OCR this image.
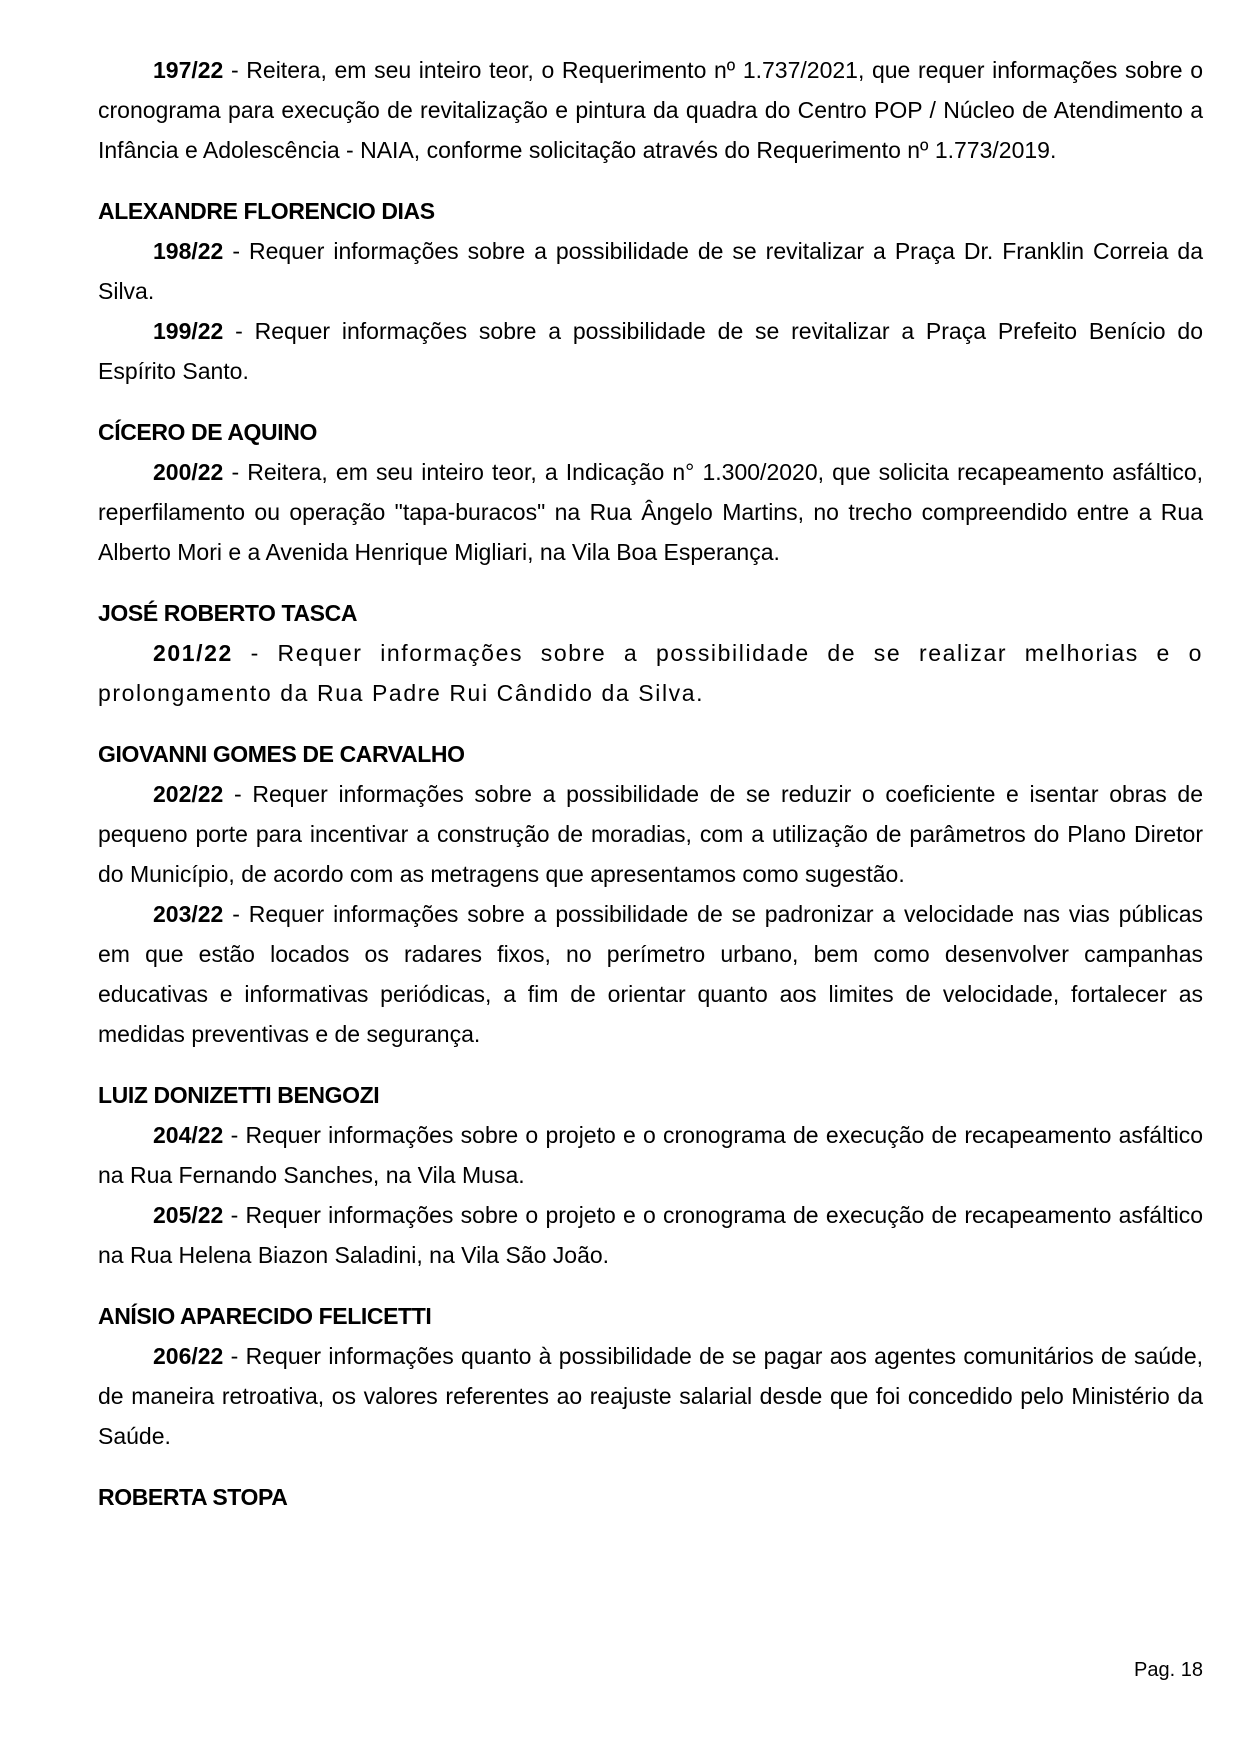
197/22 - Reitera, em seu inteiro teor, o Requerimento nº 1.737/2021, que requer informações sobre o cronograma para execução de revitalização e pintura da quadra do Centro POP / Núcleo de Atendimento a Infância e Adolescência - NAIA, conforme solicitação através do Requerimento nº 1.773/2019.

ALEXANDRE FLORENCIO DIAS

198/22 - Requer informações sobre a possibilidade de se revitalizar a Praça Dr. Franklin Correia da Silva.

199/22 - Requer informações sobre a possibilidade de se revitalizar a Praça Prefeito Benício do Espírito Santo.

CÍCERO DE AQUINO

200/22 - Reitera, em seu inteiro teor, a Indicação n° 1.300/2020, que solicita recapeamento asfáltico, reperfilamento ou operação "tapa-buracos" na Rua Ângelo Martins, no trecho compreendido entre a Rua Alberto Mori e a Avenida Henrique Migliari, na Vila Boa Esperança.

JOSÉ ROBERTO TASCA

201/22 - Requer informações sobre a possibilidade de se realizar melhorias e o prolongamento da Rua Padre Rui Cândido da Silva.

GIOVANNI GOMES DE CARVALHO

202/22 - Requer informações sobre a possibilidade de se reduzir o coeficiente e isentar obras de pequeno porte para incentivar a construção de moradias, com a utilização de parâmetros do Plano Diretor do Município, de acordo com as metragens que apresentamos como sugestão.

203/22 - Requer informações sobre a possibilidade de se padronizar a velocidade nas vias públicas em que estão locados os radares fixos, no perímetro urbano, bem como desenvolver campanhas educativas e informativas periódicas, a fim de orientar quanto aos limites de velocidade, fortalecer as medidas preventivas e de segurança.

LUIZ DONIZETTI BENGOZI

204/22 - Requer informações sobre o projeto e o cronograma de execução de recapeamento asfáltico na Rua Fernando Sanches, na Vila Musa.

205/22 - Requer informações sobre o projeto e o cronograma de execução de recapeamento asfáltico na Rua Helena Biazon Saladini, na Vila São João.

ANÍSIO APARECIDO FELICETTI

206/22 - Requer informações quanto à possibilidade de se pagar aos agentes comunitários de saúde, de maneira retroativa, os valores referentes ao reajuste salarial desde que foi concedido pelo Ministério da Saúde.

ROBERTA STOPA
Pag. 18
